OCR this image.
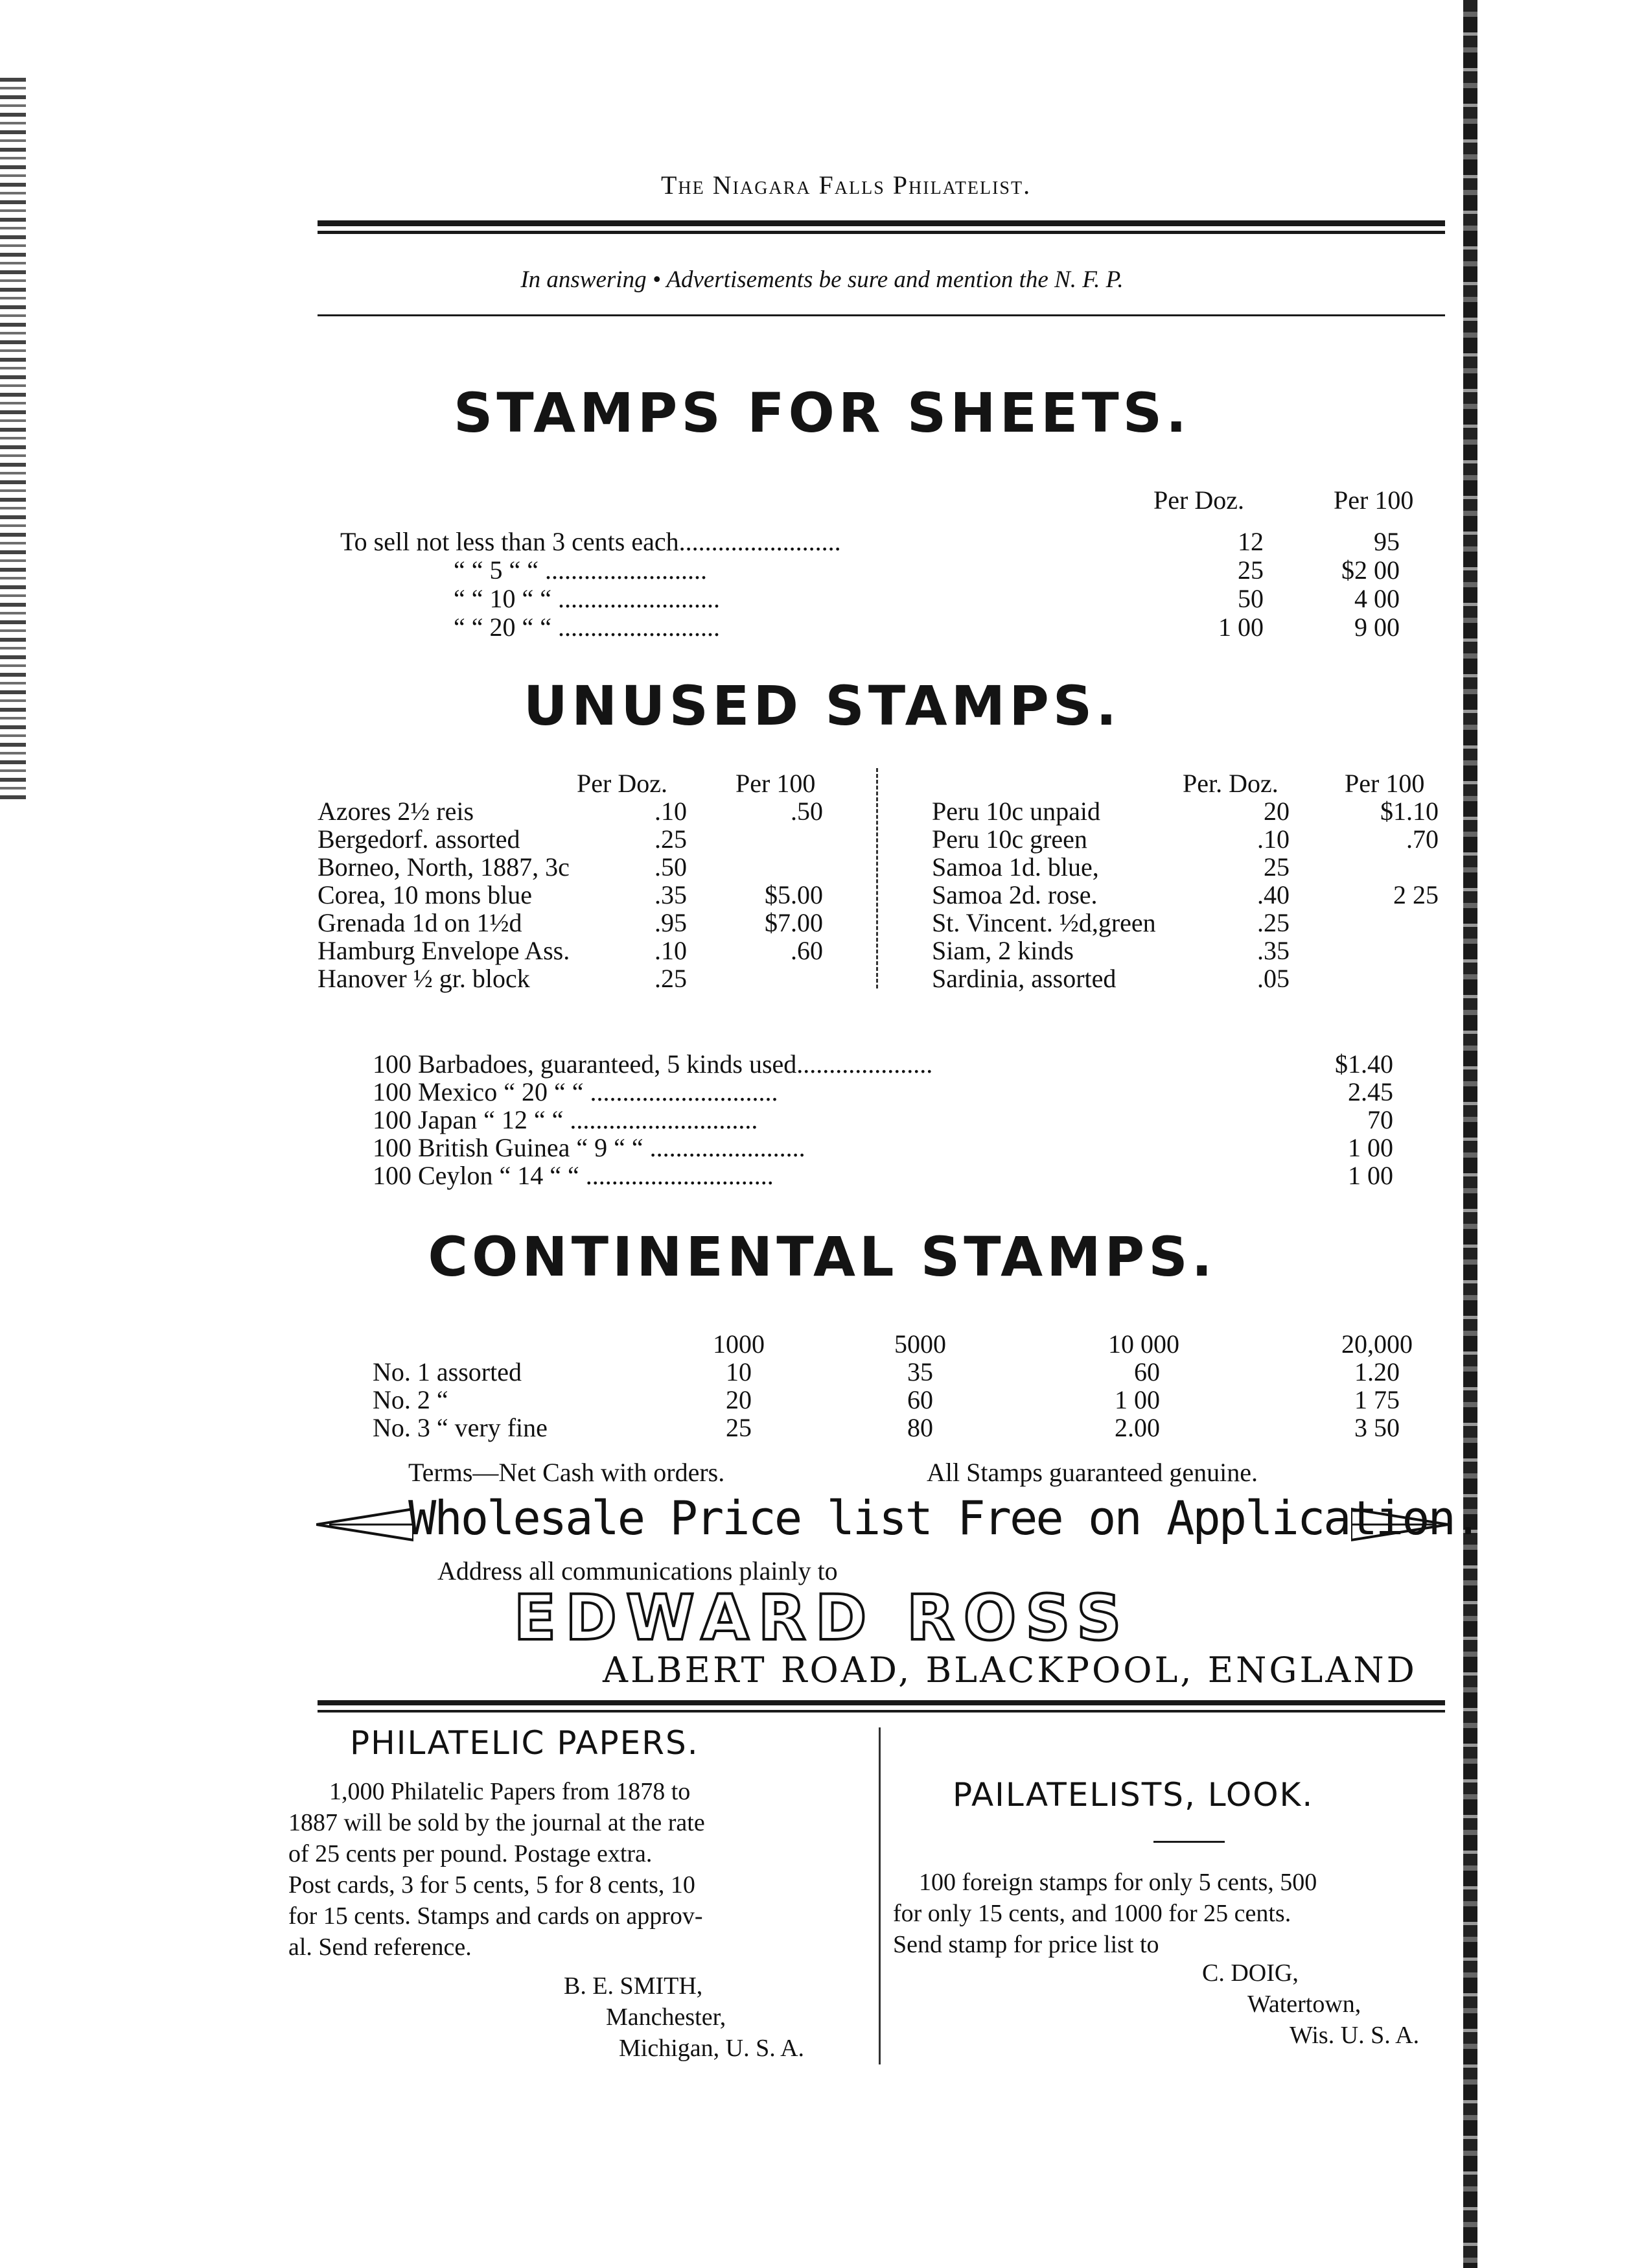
The Niagara Falls Philatelist.
In answering • Advertisements be sure and mention the N. F. P.
STAMPS FOR SHEETS.
Per Doz.	Per 100
To sell not less than 3 cents each.........................	12	95
“ “ 5 “ “ .........................	25	$2 00
“ “ 10 “ “ .........................	50	4 00
“ “ 20 “ “ .........................	1 00	9 00
UNUSED STAMPS.
Per Doz.	Per 100	Per. Doz.	Per 100
Azores 2½ reis	.10	.50
Bergedorf. assorted	.25
Borneo, North, 1887, 3c	.50
Corea, 10 mons blue	.35	$5.00
Grenada 1d on 1½d	.95	$7.00
Hamburg Envelope Ass.	.10	.60
Hanover ½ gr. block	.25
Peru 10c unpaid	20	$1.10
Peru 10c green	.10	.70
Samoa 1d. blue,	25
Samoa 2d. rose.	.40	2 25
St. Vincent. ½d,green	.25
Siam, 2 kinds	.35
Sardinia, assorted	.05
100 Barbadoes, guaranteed, 5 kinds used.....................	$1.40
100 Mexico “ 20 “ “ .............................	2.45
100 Japan “ 12 “ “ .............................	70
100 British Guinea “ 9 “ “ ........................	1 00
100 Ceylon “ 14 “ “ .............................	1 00
CONTINENTAL STAMPS.
1000	5000	10 000	20,000
No. 1 assorted	10	35	60	1.20
No. 2 “	20	60	1 00	1 75
No. 3 “ very fine	25	80	2.00	3 50
Terms—Net Cash with orders.	All Stamps guaranteed genuine.
Wholesale Price list Free on Application.
Address all communications plainly to
EDWARD ROSS
ALBERT ROAD, BLACKPOOL, ENGLAND
PHILATELIC PAPERS.
1,000 Philatelic Papers from 1878 to
1887 will be sold by the journal at the rate
of 25 cents per pound. Postage extra.
Post cards, 3 for 5 cents, 5 for 8 cents, 10
for 15 cents. Stamps and cards on approv-
al. Send reference.
B. E. SMITH,
Manchester,
Michigan, U. S. A.
PAILATELISTS, LOOK.
100 foreign stamps for only 5 cents, 500
for only 15 cents, and 1000 for 25 cents.
Send stamp for price list to
C. DOIG,
Watertown,
Wis. U. S. A.
